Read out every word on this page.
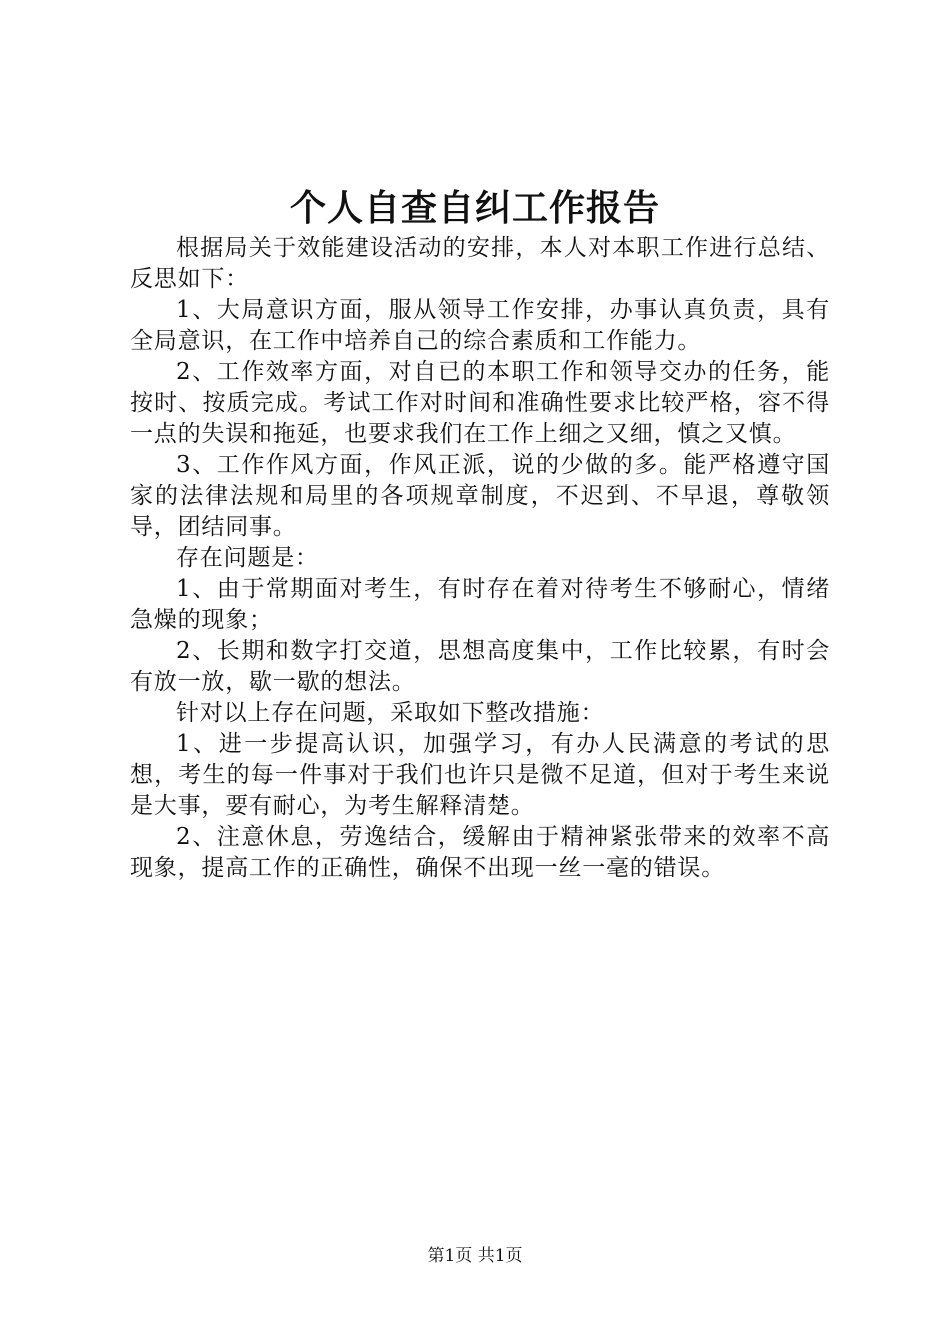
个人自查自纠工作报告

根据局关于效能建设活动的安排，本人对本职工作进行总结、反思如下：

1、大局意识方面，服从领导工作安排，办事认真负责，具有全局意识，在工作中培养自己的综合素质和工作能力。

2、工作效率方面，对自已的本职工作和领导交办的任务，能按时、按质完成。考试工作对时间和准确性要求比较严格，容不得一点的失误和拖延，也要求我们在工作上细之又细，慎之又慎。

3、工作作风方面，作风正派，说的少做的多。能严格遵守国家的法律法规和局里的各项规章制度，不迟到、不早退，尊敬领导，团结同事。

存在问题是：

1、由于常期面对考生，有时存在着对待考生不够耐心，情绪急燥的现象；

2、长期和数字打交道，思想高度集中，工作比较累，有时会有放一放，歇一歇的想法。

针对以上存在问题，采取如下整改措施：

1、进一步提高认识，加强学习，有办人民满意的考试的思想，考生的每一件事对于我们也许只是微不足道，但对于考生来说是大事，要有耐心，为考生解释清楚。

2、注意休息，劳逸结合，缓解由于精神紧张带来的效率不高现象，提高工作的正确性，确保不出现一丝一毫的错误。

第1页 共1页
